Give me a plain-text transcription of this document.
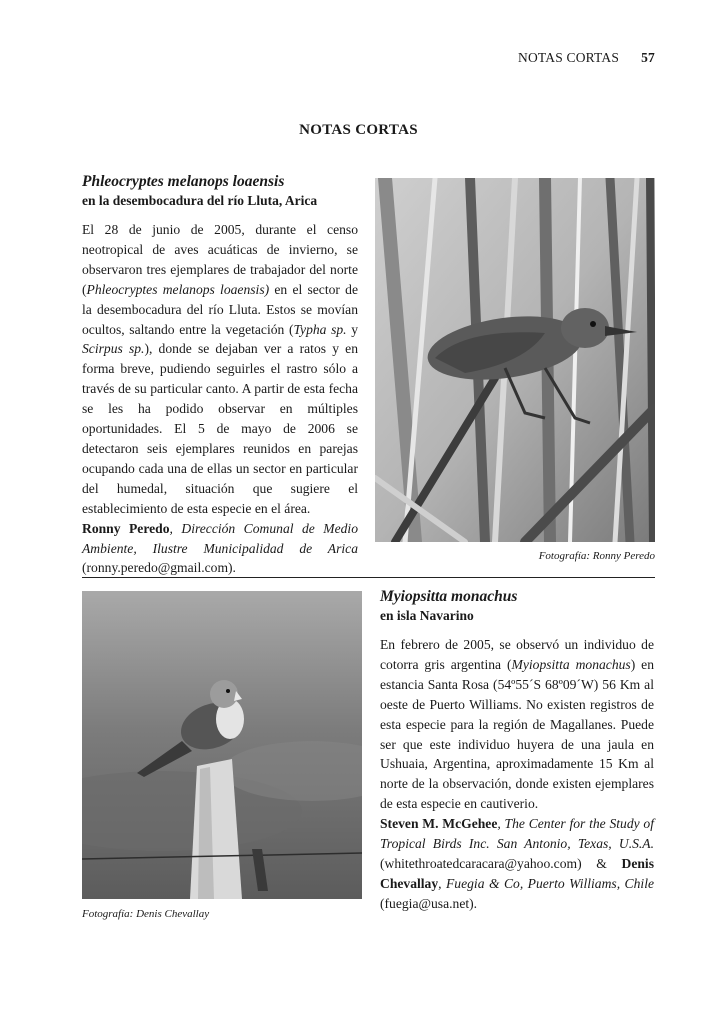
NOTAS CORTAS 57
NOTAS CORTAS

Phleocryptes melanops loaensis

en la desembocadura del río Lluta, Arica

El 28 de junio de 2005, durante el censo neotropical de aves acuáticas de invierno, se observaron tres ejemplares de trabajador del norte (Phleocryptes melanops loaensis) en el sector de la desembocadura del río Lluta. Estos se movían ocultos, saltando entre la vegetación (Typha sp. y Scirpus sp.), donde se dejaban ver a ratos y en forma breve, pudiendo seguirles el rastro sólo a través de su particular canto. A partir de esta fecha se les ha podido observar en múltiples oportunidades. El 5 de mayo de 2006 se detectaron seis ejemplares reunidos en parejas ocupando cada una de ellas un sector en particular del humedal, situación que sugiere el establecimiento de esta especie en el área.
Ronny Peredo, Dirección Comunal de Medio Ambiente, Ilustre Municipalidad de Arica (ronny.peredo@gmail.com).

Fotografía: Ronny Peredo
Fotografía: Denis Chevallay

Myiopsitta monachus

en isla Navarino

En febrero de 2005, se observó un individuo de cotorra gris argentina (Myiopsitta monachus) en estancia Santa Rosa (54º55´S 68º09´W) 56 Km al oeste de Puerto Williams. No existen registros de esta especie para la región de Magallanes. Puede ser que este individuo huyera de una jaula en Ushuaia, Argentina, aproximadamente 15 Km al norte de la observación, donde existen ejemplares de esta especie en cautiverio.
Steven M. McGehee, The Center for the Study of Tropical Birds Inc. San Antonio, Texas, U.S.A. (whitethroatedcaracara@yahoo.com) & Denis Chevallay, Fuegia & Co, Puerto Williams, Chile (fuegia@usa.net).
